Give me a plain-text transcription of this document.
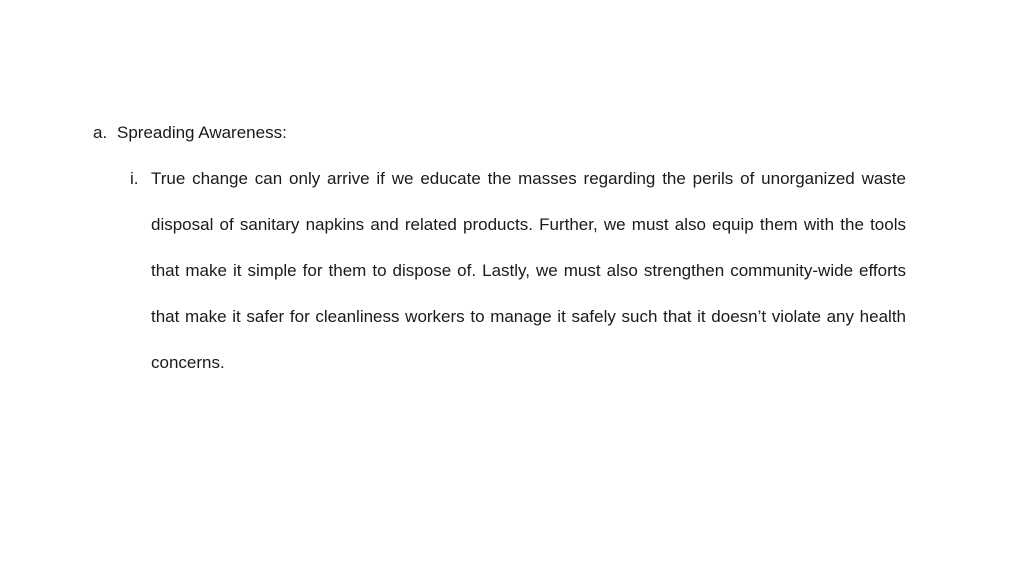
a. Spreading Awareness:
i. True change can only arrive if we educate the masses regarding the perils of unorganized waste disposal of sanitary napkins and related products. Further, we must also equip them with the tools that make it simple for them to dispose of. Lastly, we must also strengthen community-wide efforts that make it safer for cleanliness workers to manage it safely such that it doesn’t violate any health concerns.
